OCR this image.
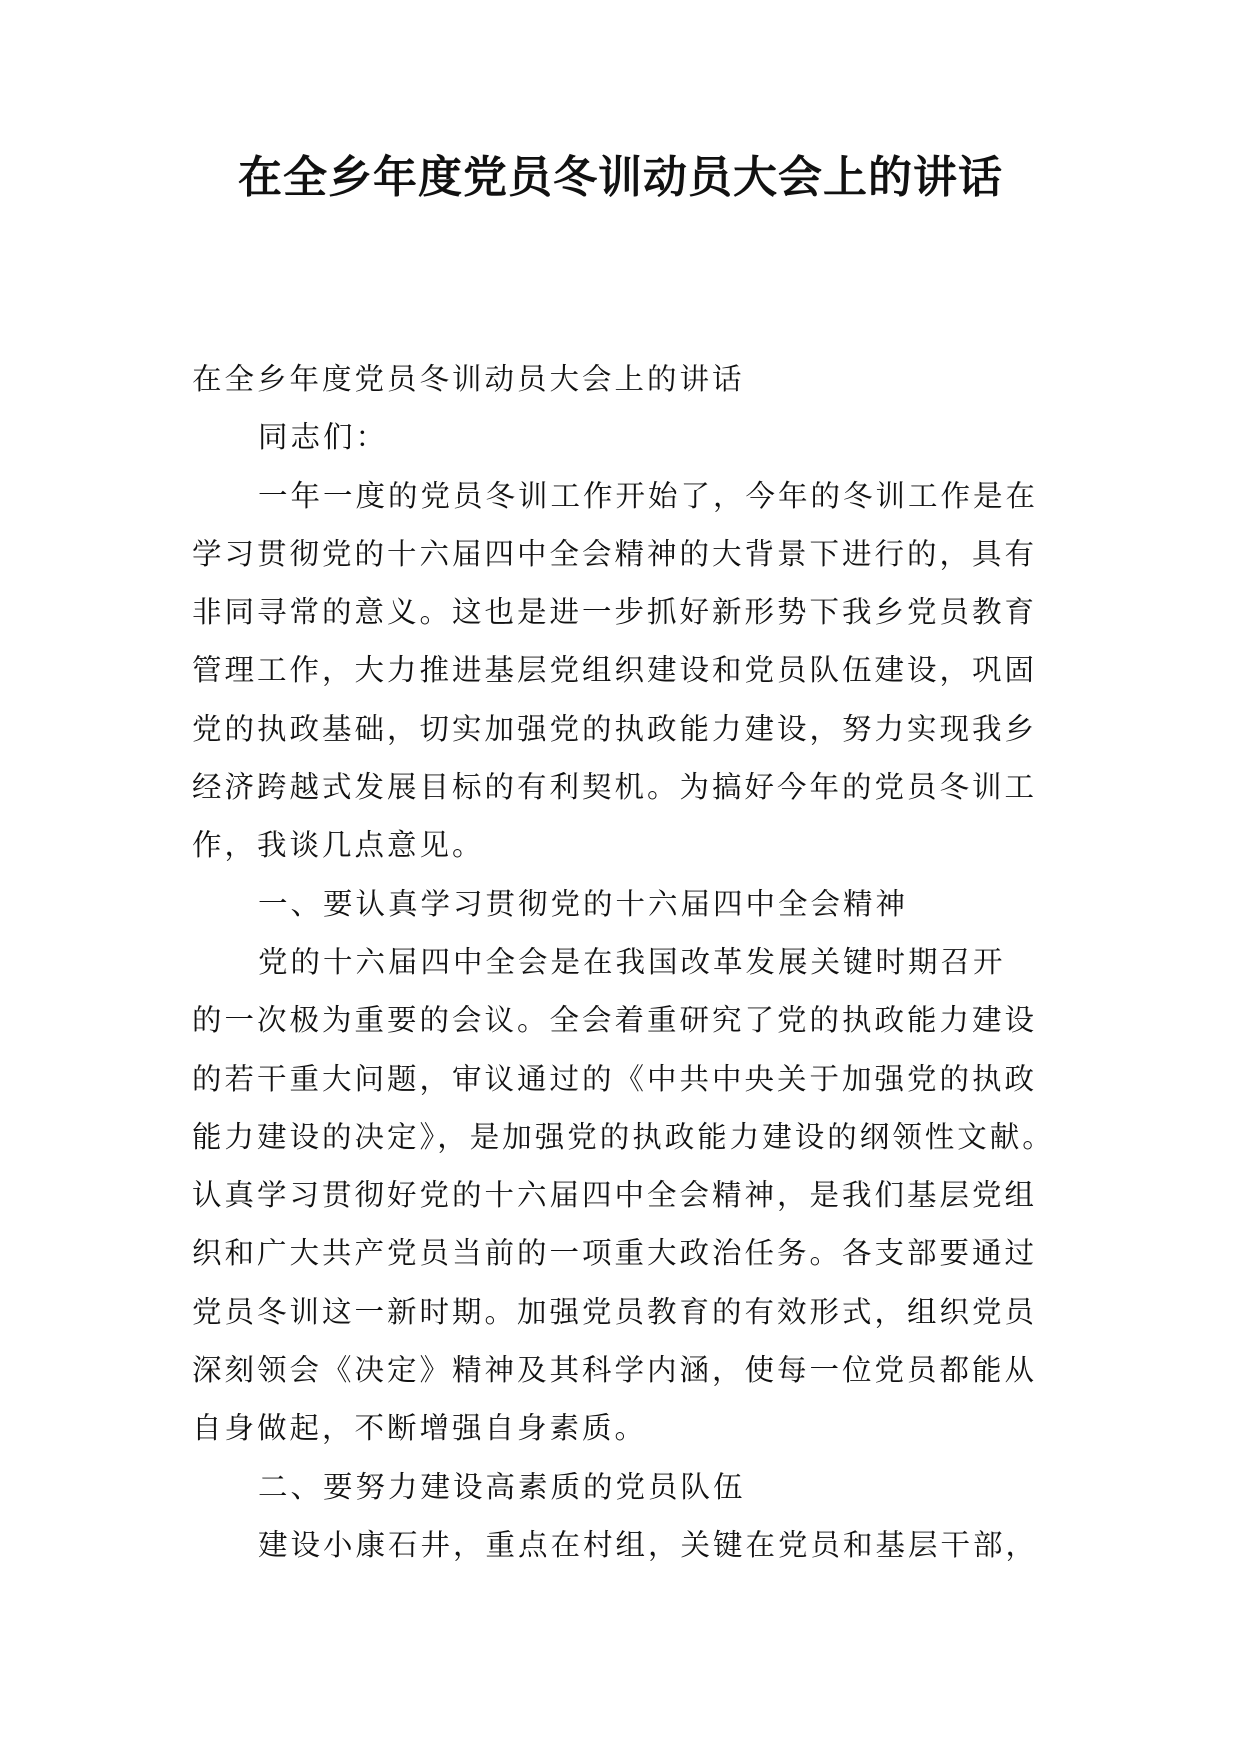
在全乡年度党员冬训动员大会上的讲话
在全乡年度党员冬训动员大会上的讲话
同志们：
一年一度的党员冬训工作开始了，今年的冬训工作是在
学习贯彻党的十六届四中全会精神的大背景下进行的，具有
非同寻常的意义。这也是进一步抓好新形势下我乡党员教育
管理工作，大力推进基层党组织建设和党员队伍建设，巩固
党的执政基础，切实加强党的执政能力建设，努力实现我乡
经济跨越式发展目标的有利契机。为搞好今年的党员冬训工
作，我谈几点意见。
一、要认真学习贯彻党的十六届四中全会精神
党的十六届四中全会是在我国改革发展关键时期召开
的一次极为重要的会议。全会着重研究了党的执政能力建设
的若干重大问题，审议通过的《中共中央关于加强党的执政
能力建设的决定》，是加强党的执政能力建设的纲领性文献。
认真学习贯彻好党的十六届四中全会精神，是我们基层党组
织和广大共产党员当前的一项重大政治任务。各支部要通过
党员冬训这一新时期。加强党员教育的有效形式，组织党员
深刻领会《决定》精神及其科学内涵，使每一位党员都能从
自身做起，不断增强自身素质。
二、要努力建设高素质的党员队伍
建设小康石井，重点在村组，关键在党员和基层干部，
